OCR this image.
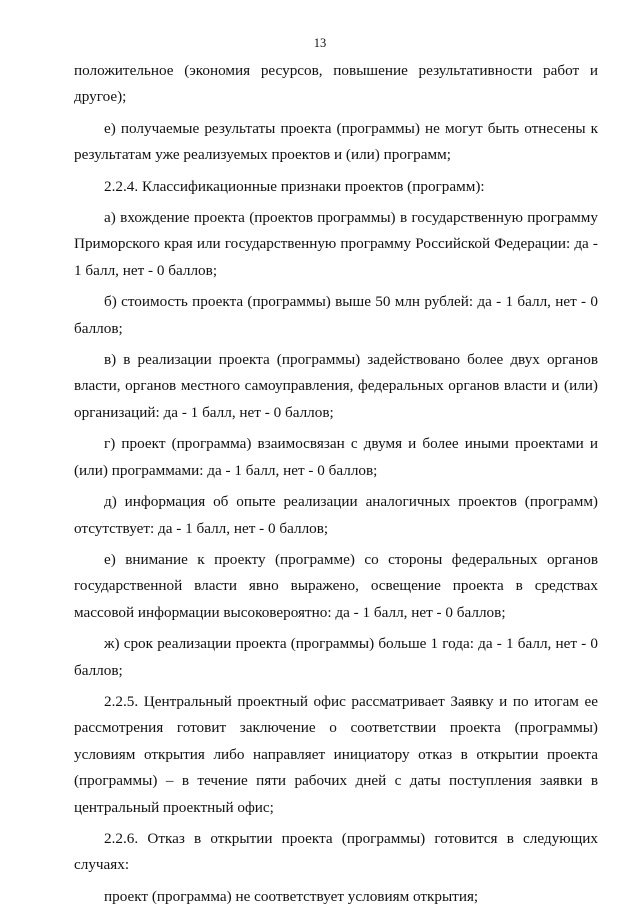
13

положительное (экономия ресурсов, повышение результативности работ и другое);

е) получаемые результаты проекта (программы) не могут быть отнесены к результатам уже реализуемых проектов и (или) программ;

2.2.4. Классификационные признаки проектов (программ):

а) вхождение проекта (проектов программы) в государственную программу Приморского края или государственную программу Российской Федерации: да - 1 балл, нет - 0 баллов;

б) стоимость проекта (программы) выше 50 млн рублей: да - 1 балл, нет - 0 баллов;

в) в реализации проекта (программы) задействовано более двух органов власти, органов местного самоуправления, федеральных органов власти и (или) организаций: да - 1 балл, нет - 0 баллов;

г) проект (программа) взаимосвязан с двумя и более иными проектами и (или) программами: да - 1 балл, нет - 0 баллов;

д) информация об опыте реализации аналогичных проектов (программ) отсутствует: да - 1 балл, нет - 0 баллов;

е) внимание к проекту (программе) со стороны федеральных органов государственной власти явно выражено, освещение проекта в средствах массовой информации высоковероятно: да - 1 балл, нет - 0 баллов;

ж) срок реализации проекта (программы) больше 1 года: да - 1 балл, нет - 0 баллов;

2.2.5. Центральный проектный офис рассматривает Заявку и по итогам ее рассмотрения готовит заключение о соответствии проекта (программы) условиям открытия либо направляет инициатору отказ в открытии проекта (программы) – в течение пяти рабочих дней с даты поступления заявки в центральный проектный офис;

2.2.6. Отказ в открытии проекта (программы) готовится в следующих случаях:

проект (программа) не соответствует условиям открытия;
